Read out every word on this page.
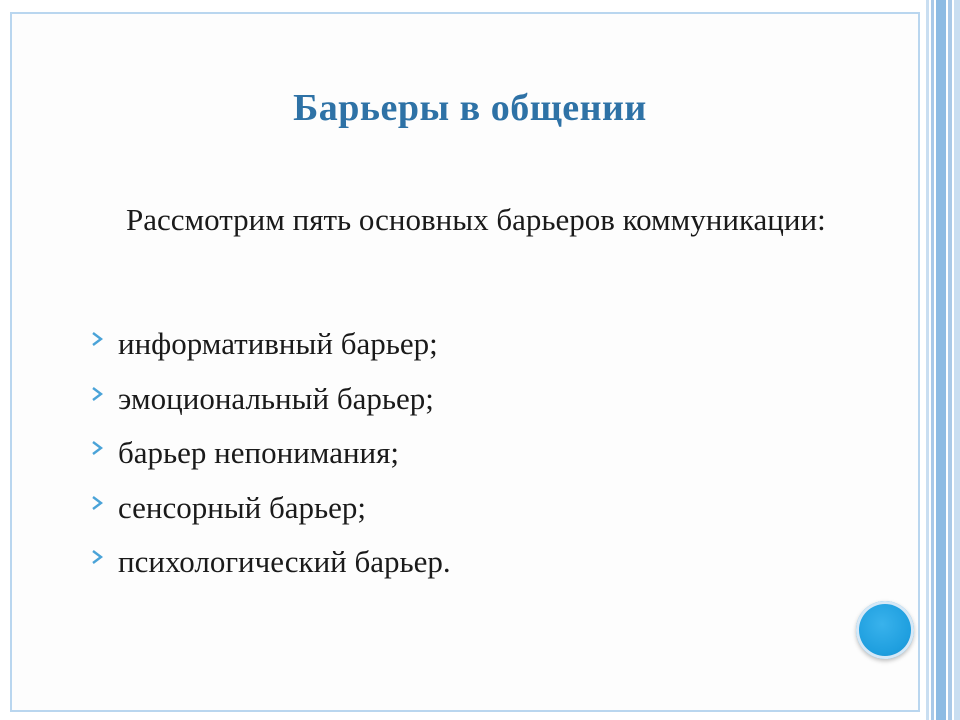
Барьеры в общении

Рассмотрим пять основных барьеров коммуникации:

информативный барьер;
эмоциональный барьер;
барьер непонимания;
сенсорный барьер;
психологический барьер.
